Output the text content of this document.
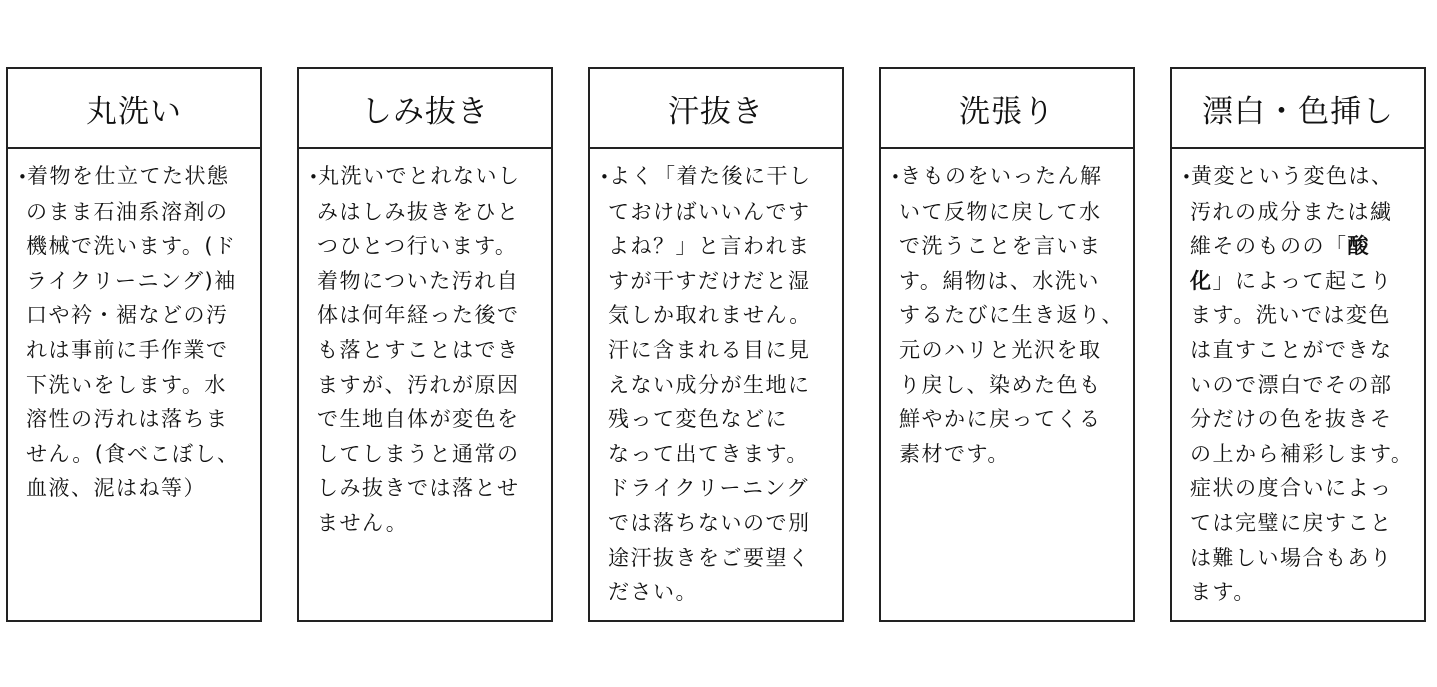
丸洗い
•着物を仕立てた状態
のまま石油系溶剤の
機械で洗います。(ド
ライクリーニング)袖
口や衿・裾などの汚
れは事前に手作業で
下洗いをします。水
溶性の汚れは落ちま
せん。(食べこぼし、
血液、泥はね等）
しみ抜き
•丸洗いでとれないし
みはしみ抜きをひと
つひとつ行います。
着物についた汚れ自
体は何年経った後で
も落とすことはでき
ますが、汚れが原因
で生地自体が変色を
してしまうと通常の
しみ抜きでは落とせ
ません。
汗抜き
•よく「着た後に干し
ておけばいいんです
よね？」と言われま
すが干すだけだと湿
気しか取れません。
汗に含まれる目に見
えない成分が生地に
残って変色などに
なって出てきます。
ドライクリーニング
では落ちないので別
途汗抜きをご要望く
ださい。
洗張り
•きものをいったん解
いて反物に戻して水
で洗うことを言いま
す。絹物は、水洗い
するたびに生き返り、
元のハリと光沢を取
り戻し、染めた色も
鮮やかに戻ってくる
素材です。
漂白・色挿し
•黄変という変色は、
汚れの成分または繊
維そのものの「酸
化」によって起こり
ます。洗いでは変色
は直すことができな
いので漂白でその部
分だけの色を抜きそ
の上から補彩します。
症状の度合いによっ
ては完璧に戻すこと
は難しい場合もあり
ます。
